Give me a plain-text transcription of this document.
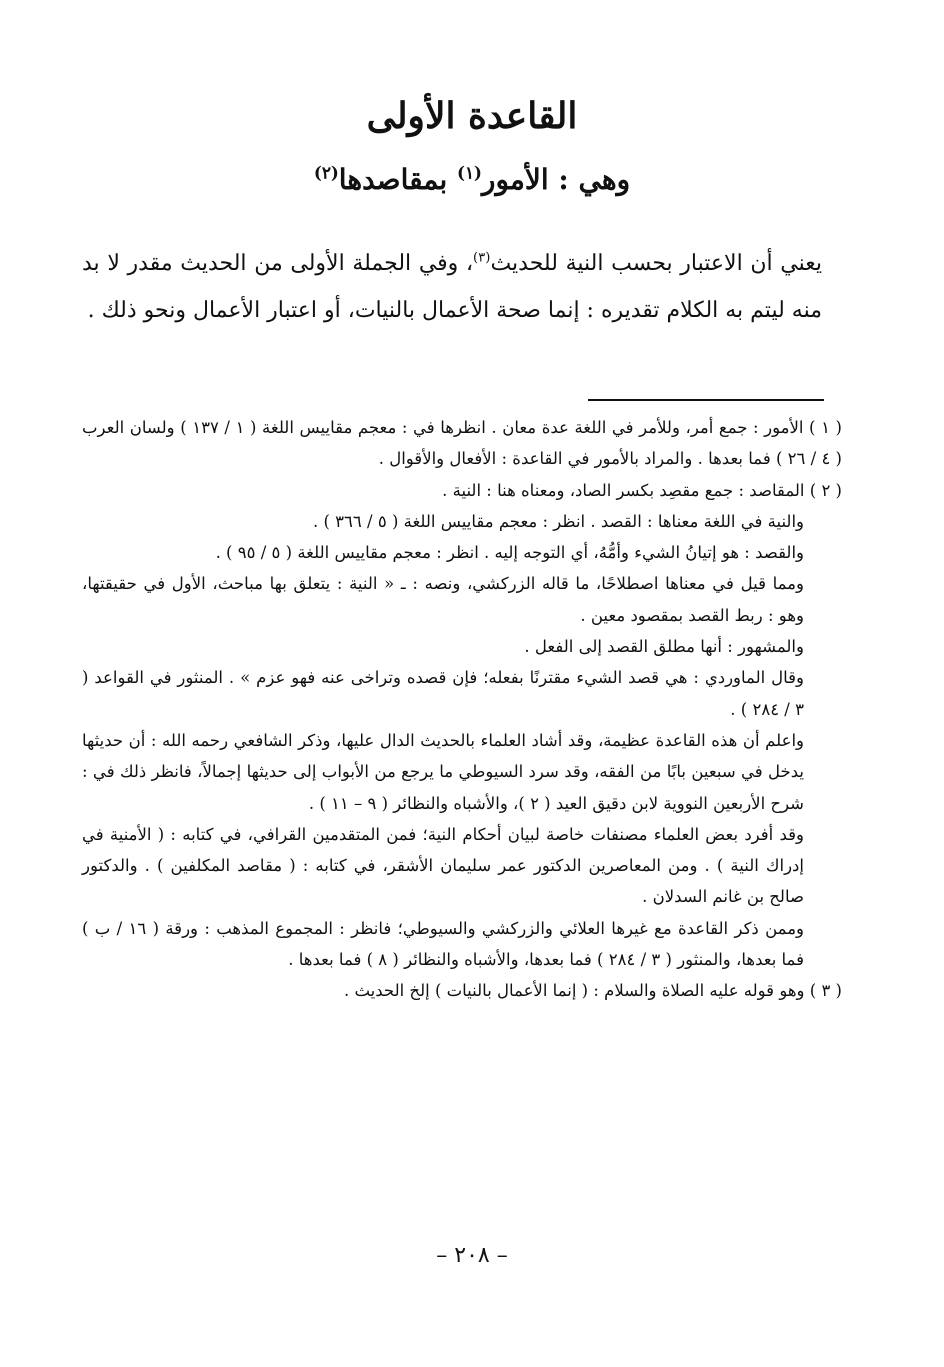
القاعدة الأولى
وهي : الأمور$^{(١)}$ بمقاصدها$^{(٢)}$

يعني أن الاعتبار بحسب النية للحديث$^{(٣)}$، وفي الجملة الأولى من الحديث مقدر لا بد منه ليتم به الكلام تقديره : إنما صحة الأعمال بالنيات، أو اعتبار الأعمال ونحو ذلك .

( ١ ) الأمور : جمع أمر، وللأمر في اللغة عدة معان . انظرها في : معجم مقاييس اللغة ( ١ / ١٣٧ ) ولسان العرب ( ٤ / ٢٦ ) فما بعدها . والمراد بالأمور في القاعدة : الأفعال والأقوال .

( ٢ ) المقاصد : جمع مقصِد بكسر الصاد، ومعناه هنا : النية .

والنية في اللغة معناها : القصد . انظر : معجم مقاييس اللغة ( ٥ / ٣٦٦ ) .

والقصد : هو إتيانُ الشيء وأمُّهُ، أي التوجه إليه . انظر : معجم مقاييس اللغة ( ٥ / ٩٥ ) .

ومما قيل في معناها اصطلاحًا، ما قاله الزركشي، ونصه : ـ « النية : يتعلق بها مباحث، الأول في حقيقتها، وهو : ربط القصد بمقصود معين .

والمشهور : أنها مطلق القصد إلى الفعل .

وقال الماوردي : هي قصد الشيء مقترنًا بفعله؛ فإن قصده وتراخى عنه فهو عزم » . المنثور في القواعد ( ٣ / ٢٨٤ ) .

واعلم أن هذه القاعدة عظيمة، وقد أشاد العلماء بالحديث الدال عليها، وذكر الشافعي رحمه الله : أن حديثها يدخل في سبعين بابًا من الفقه، وقد سرد السيوطي ما يرجع من الأبواب إلى حديثها إجمالاً، فانظر ذلك في : شرح الأربعين النووية لابن دقيق العيد ( ٢ )، والأشباه والنظائر ( ٩ – ١١ ) .

وقد أفرد بعض العلماء مصنفات خاصة لبيان أحكام النية؛ فمن المتقدمين القرافي، في كتابه : ( الأمنية في إدراك النية ) . ومن المعاصرين الدكتور عمر سليمان الأشقر، في كتابه : ( مقاصد المكلفين ) . والدكتور صالح بن غانم السدلان .

وممن ذكر القاعدة مع غيرها العلائي والزركشي والسيوطي؛ فانظر : المجموع المذهب : ورقة ( ١٦ / ب ) فما بعدها، والمنثور ( ٣ / ٢٨٤ ) فما بعدها، والأشباه والنظائر ( ٨ ) فما بعدها .

( ٣ ) وهو قوله عليه الصلاة والسلام : ( إنما الأعمال بالنيات ) إلخ الحديث .

– ٢٠٨ –
